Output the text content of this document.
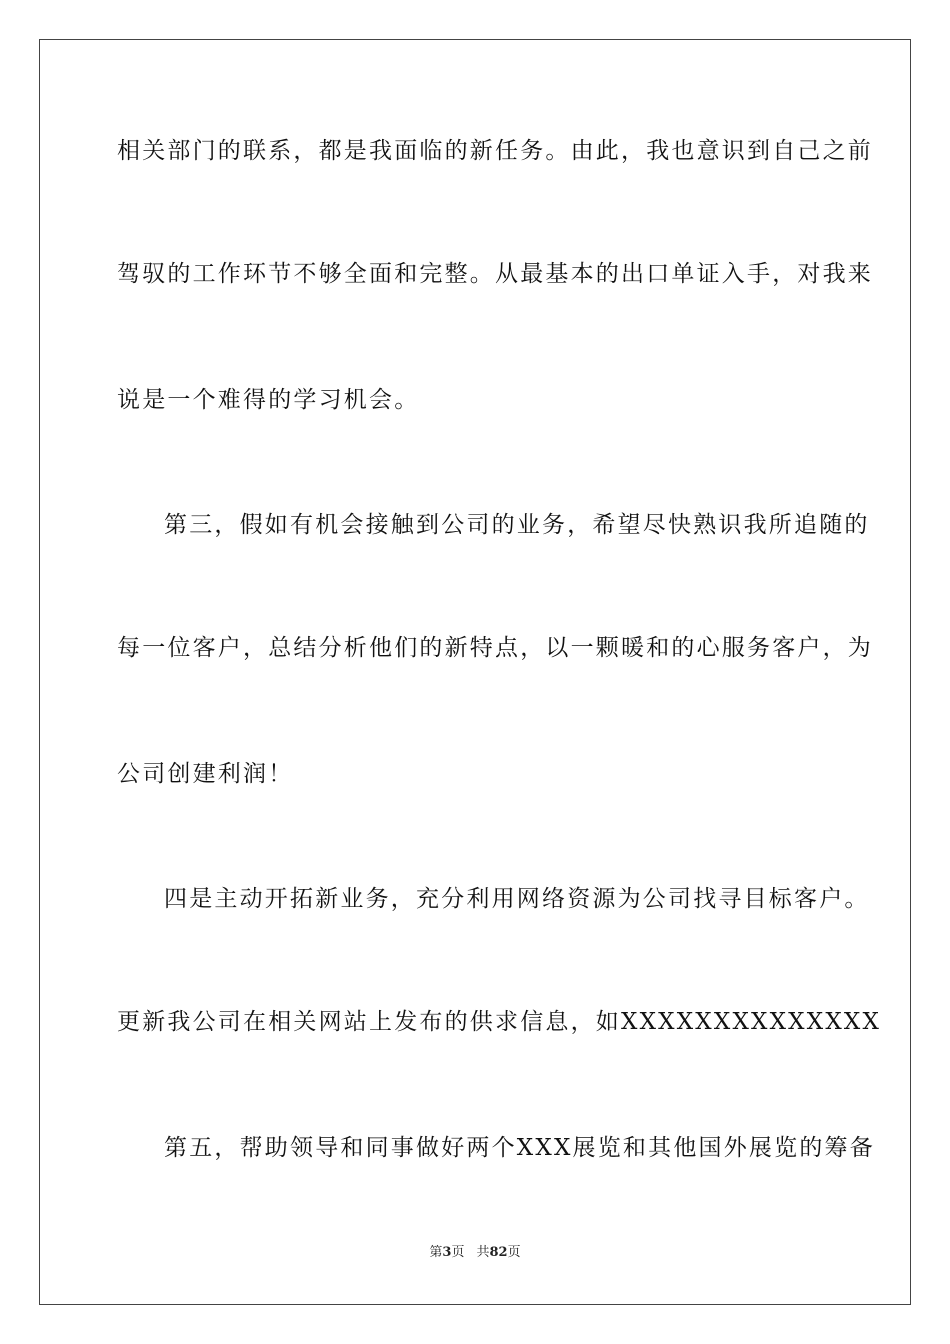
相关部门的联系，都是我面临的新任务。由此，我也意识到自己之前
驾驭的工作环节不够全面和完整。从最基本的出口单证入手，对我来
说是一个难得的学习机会。
第三，假如有机会接触到公司的业务，希望尽快熟识我所追随的
每一位客户，总结分析他们的新特点，以一颗暖和的心服务客户，为
公司创建利润！
四是主动开拓新业务，充分利用网络资源为公司找寻目标客户。
更新我公司在相关网站上发布的供求信息，如XXXXXXXXXXXXXX
第五，帮助领导和同事做好两个XXX展览和其他国外展览的筹备
第3页 共82页
